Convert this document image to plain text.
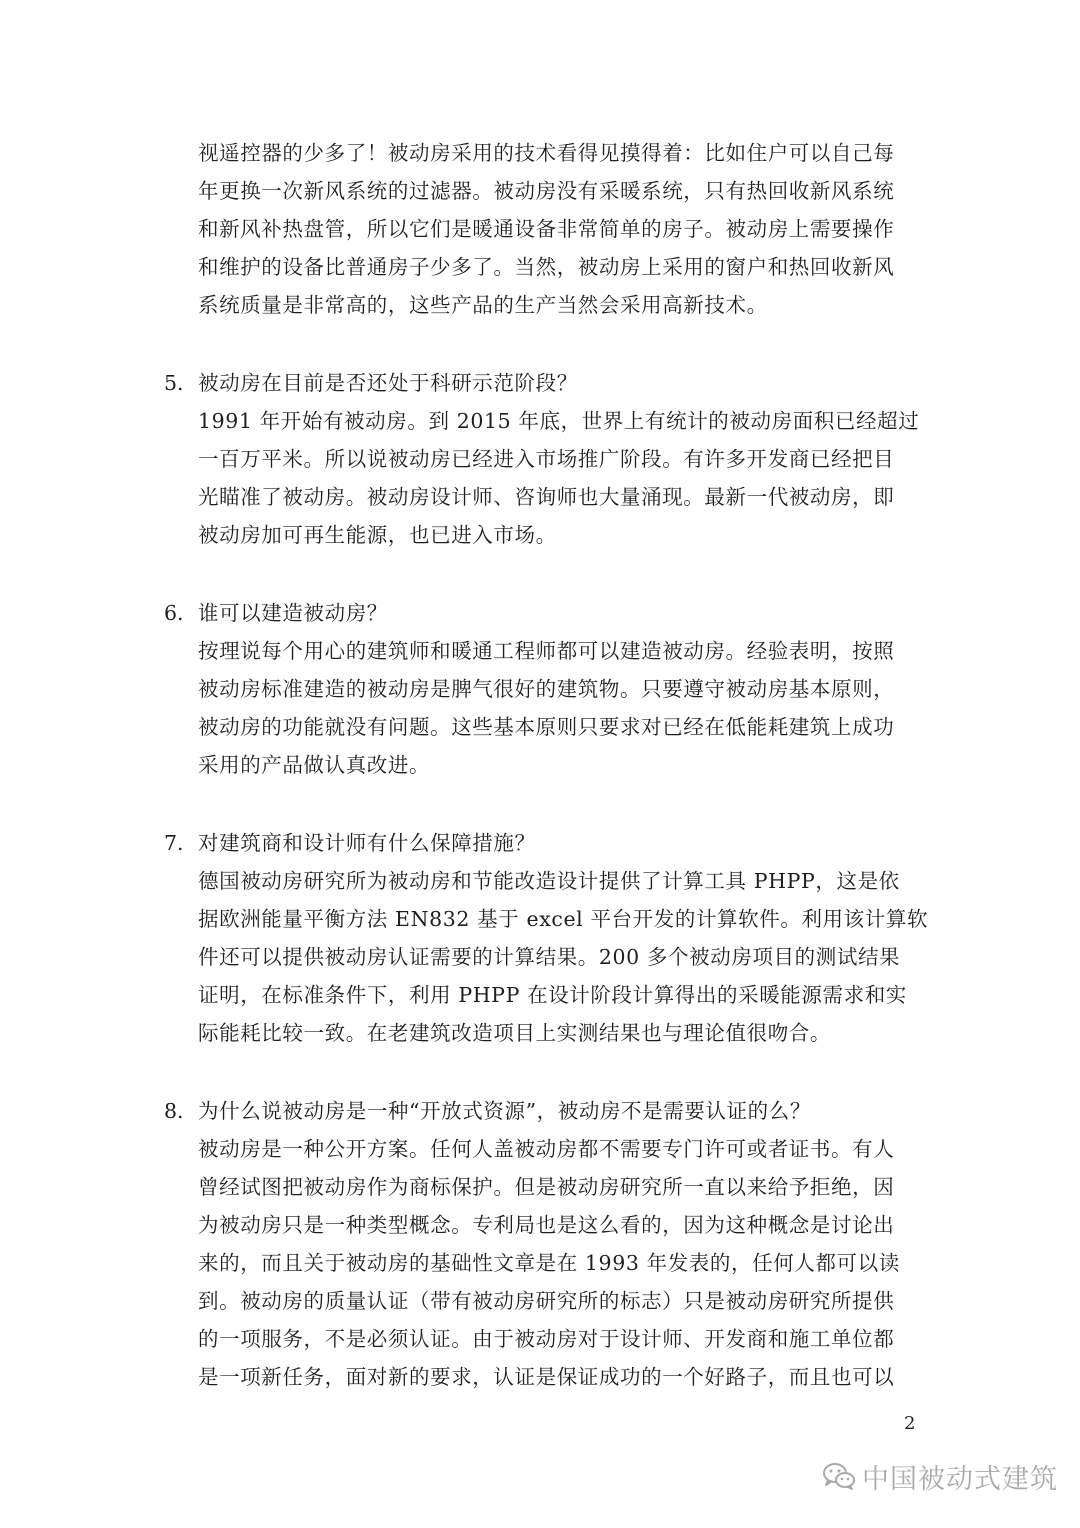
视遥控器的少多了！被动房采用的技术看得见摸得着：比如住户可以自己每
年更换一次新风系统的过滤器。被动房没有采暖系统，只有热回收新风系统
和新风补热盘管，所以它们是暖通设备非常简单的房子。被动房上需要操作
和维护的设备比普通房子少多了。当然，被动房上采用的窗户和热回收新风
系统质量是非常高的，这些产品的生产当然会采用高新技术。
5. 被动房在目前是否还处于科研示范阶段？
1991 年开始有被动房。到 2015 年底，世界上有统计的被动房面积已经超过
一百万平米。所以说被动房已经进入市场推广阶段。有许多开发商已经把目
光瞄准了被动房。被动房设计师、咨询师也大量涌现。最新一代被动房，即
被动房加可再生能源，也已进入市场。
6. 谁可以建造被动房？
按理说每个用心的建筑师和暖通工程师都可以建造被动房。经验表明，按照
被动房标准建造的被动房是脾气很好的建筑物。只要遵守被动房基本原则，
被动房的功能就没有问题。这些基本原则只要求对已经在低能耗建筑上成功
采用的产品做认真改进。
7. 对建筑商和设计师有什么保障措施？
德国被动房研究所为被动房和节能改造设计提供了计算工具 PHPP，这是依
据欧洲能量平衡方法 EN832 基于 excel 平台开发的计算软件。利用该计算软
件还可以提供被动房认证需要的计算结果。200 多个被动房项目的测试结果
证明，在标准条件下，利用 PHPP 在设计阶段计算得出的采暖能源需求和实
际能耗比较一致。在老建筑改造项目上实测结果也与理论值很吻合。
8. 为什么说被动房是一种“开放式资源”，被动房不是需要认证的么？
被动房是一种公开方案。任何人盖被动房都不需要专门许可或者证书。有人
曾经试图把被动房作为商标保护。但是被动房研究所一直以来给予拒绝，因
为被动房只是一种类型概念。专利局也是这么看的，因为这种概念是讨论出
来的，而且关于被动房的基础性文章是在 1993 年发表的，任何人都可以读
到。被动房的质量认证（带有被动房研究所的标志）只是被动房研究所提供
的一项服务，不是必须认证。由于被动房对于设计师、开发商和施工单位都
是一项新任务，面对新的要求，认证是保证成功的一个好路子，而且也可以
2
中国被动式建筑
